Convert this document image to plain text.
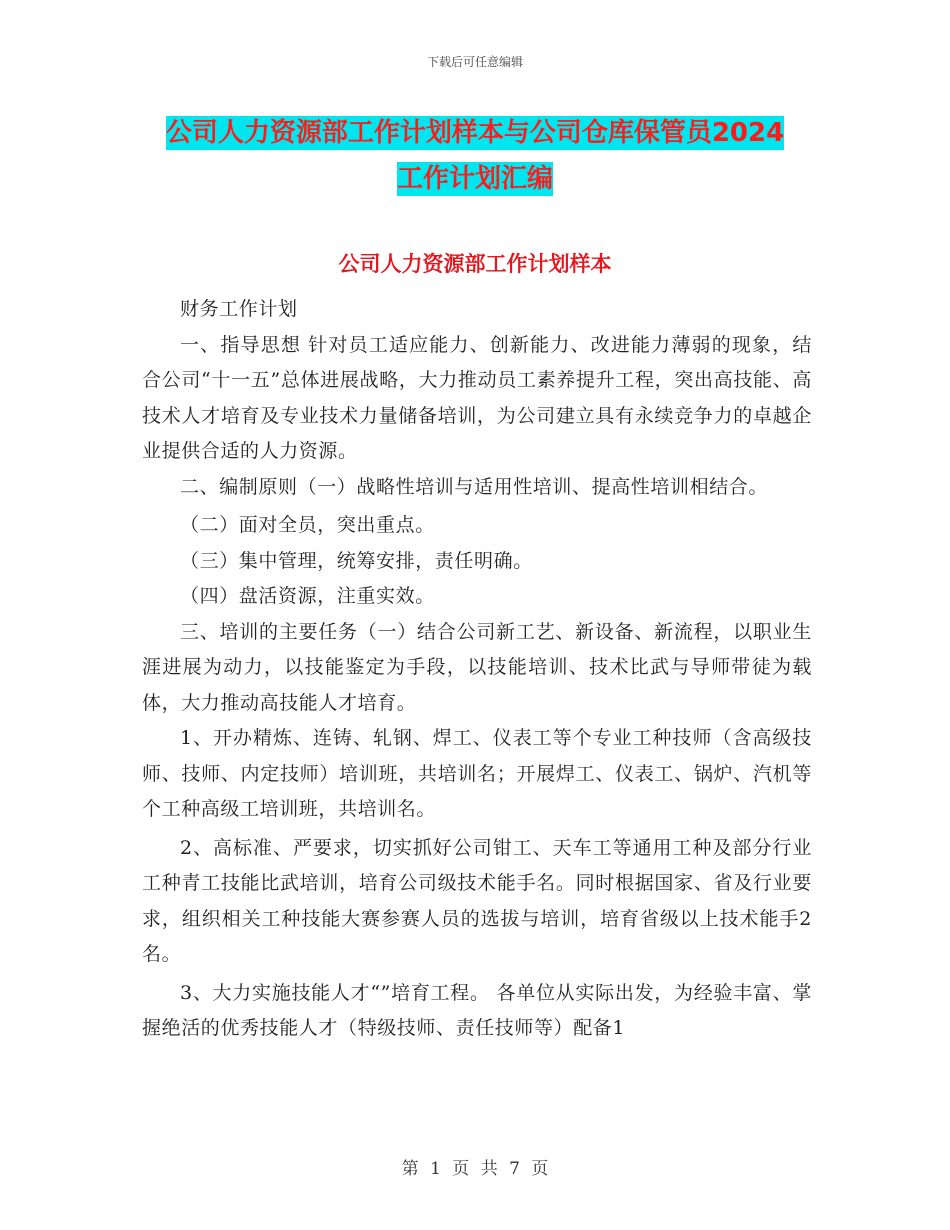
下载后可任意编辑
公司人力资源部工作计划样本与公司仓库保管员2024
工作计划汇编
公司人力资源部工作计划样本

财务工作计划

一、指导思想 针对员工适应能力、创新能力、改进能力薄弱的现象，结合公司“十一五”总体进展战略，大力推动员工素养提升工程，突出高技能、高技术人才培育及专业技术力量储备培训，为公司建立具有永续竞争力的卓越企业提供合适的人力资源。

二、编制原则（一）战略性培训与适用性培训、提高性培训相结合。

（二）面对全员，突出重点。

（三）集中管理，统筹安排，责任明确。

（四）盘活资源，注重实效。

三、培训的主要任务（一）结合公司新工艺、新设备、新流程，以职业生涯进展为动力，以技能鉴定为手段，以技能培训、技术比武与导师带徒为载体，大力推动高技能人才培育。

1、开办精炼、连铸、轧钢、焊工、仪表工等个专业工种技师（含高级技师、技师、内定技师）培训班，共培训名；开展焊工、仪表工、锅炉、汽机等个工种高级工培训班，共培训名。

2、高标准、严要求，切实抓好公司钳工、天车工等通用工种及部分行业工种青工技能比武培训，培育公司级技术能手名。同时根据国家、省及行业要求，组织相关工种技能大赛参赛人员的选拔与培训，培育省级以上技术能手2名。

3、大力实施技能人才“”培育工程。 各单位从实际出发，为经验丰富、掌握绝活的优秀技能人才（特级技师、责任技师等）配备1

第 1 页 共 7 页
